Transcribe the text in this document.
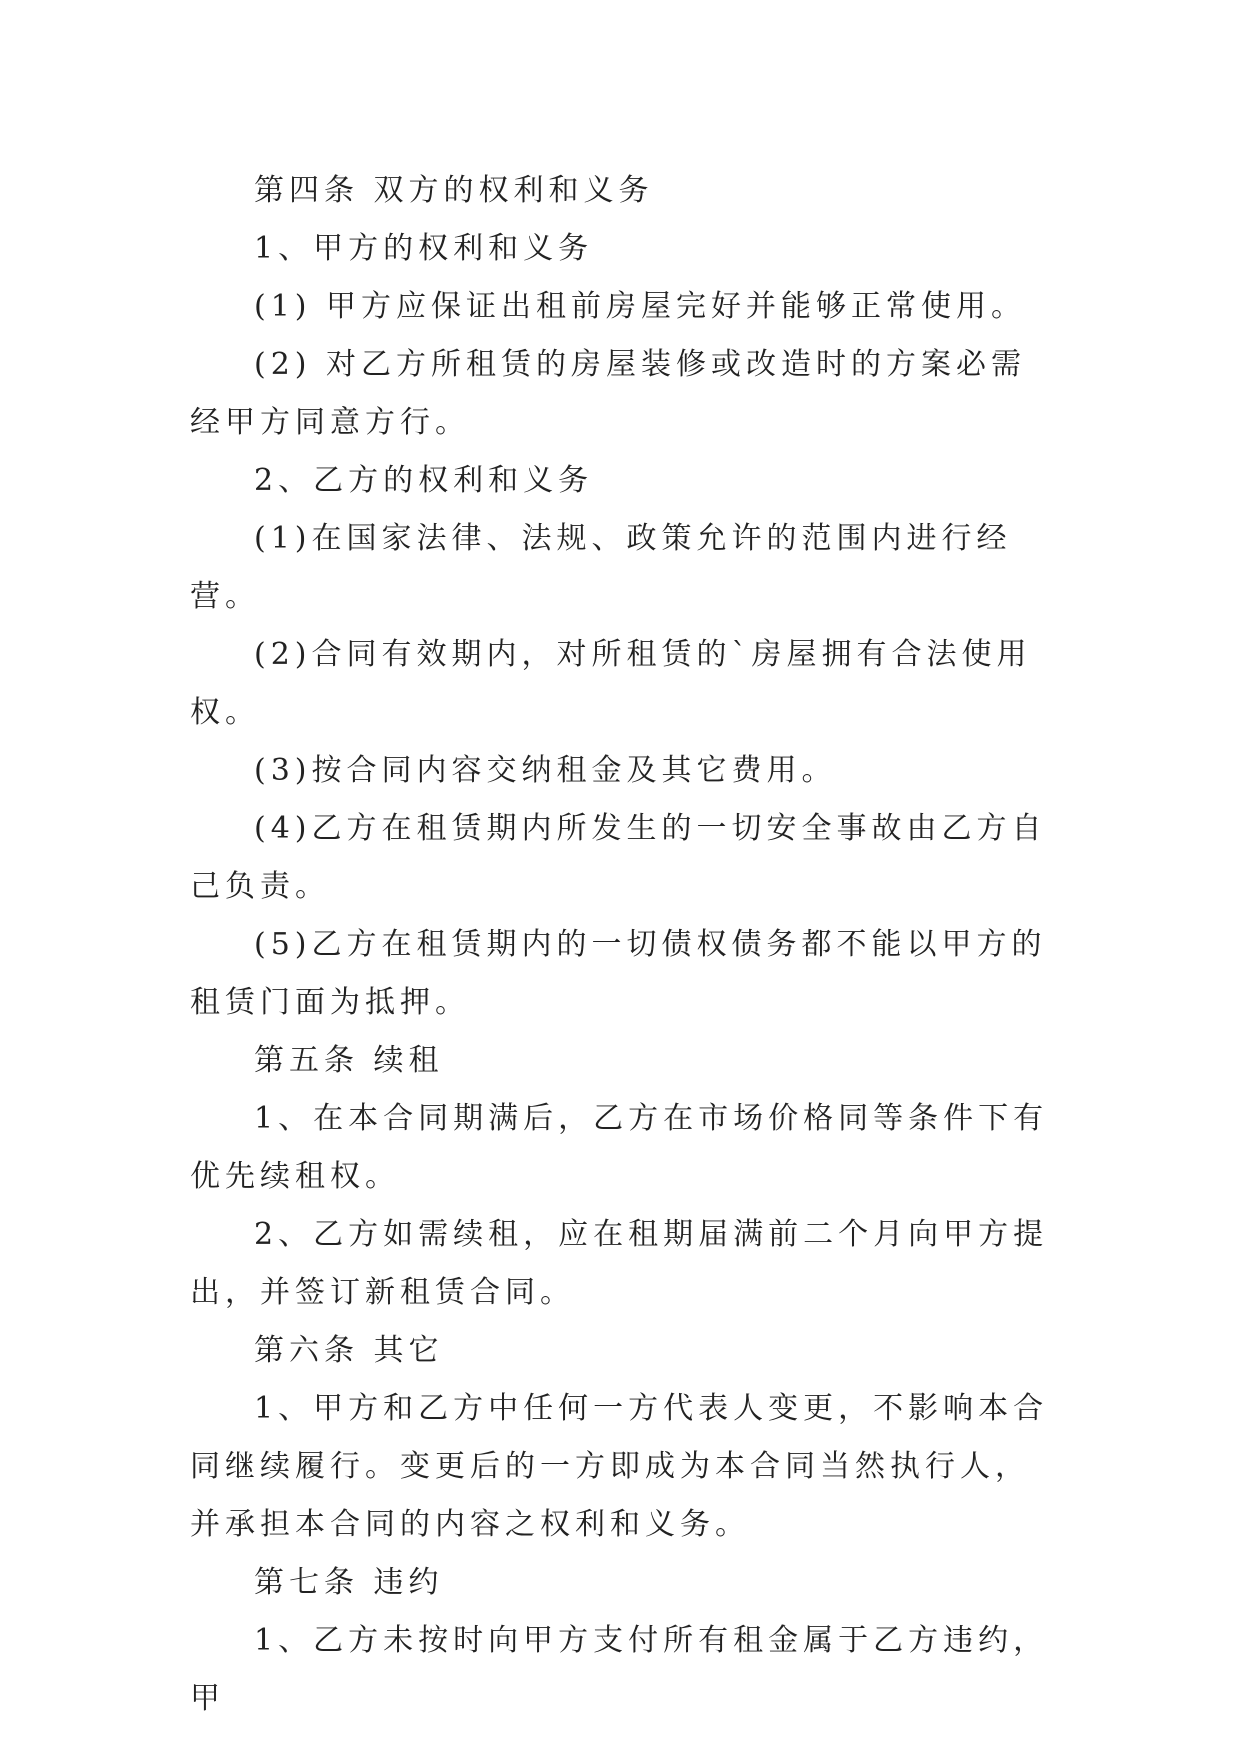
第四条 双方的权利和义务

1、甲方的权利和义务

(1) 甲方应保证出租前房屋完好并能够正常使用。

(2) 对乙方所租赁的房屋装修或改造时的方案必需经甲方同意方行。

2、乙方的权利和义务

(1)在国家法律、法规、政策允许的范围内进行经营。

(2)合同有效期内，对所租赁的`房屋拥有合法使用权。

(3)按合同内容交纳租金及其它费用。

(4)乙方在租赁期内所发生的一切安全事故由乙方自己负责。

(5)乙方在租赁期内的一切债权债务都不能以甲方的租赁门面为抵押。

第五条 续租

1、在本合同期满后，乙方在市场价格同等条件下有优先续租权。

2、乙方如需续租，应在租期届满前二个月向甲方提出，并签订新租赁合同。

第六条 其它

1、甲方和乙方中任何一方代表人变更，不影响本合同继续履行。变更后的一方即成为本合同当然执行人，并承担本合同的内容之权利和义务。

第七条 违约

1、乙方未按时向甲方支付所有租金属于乙方违约，甲
